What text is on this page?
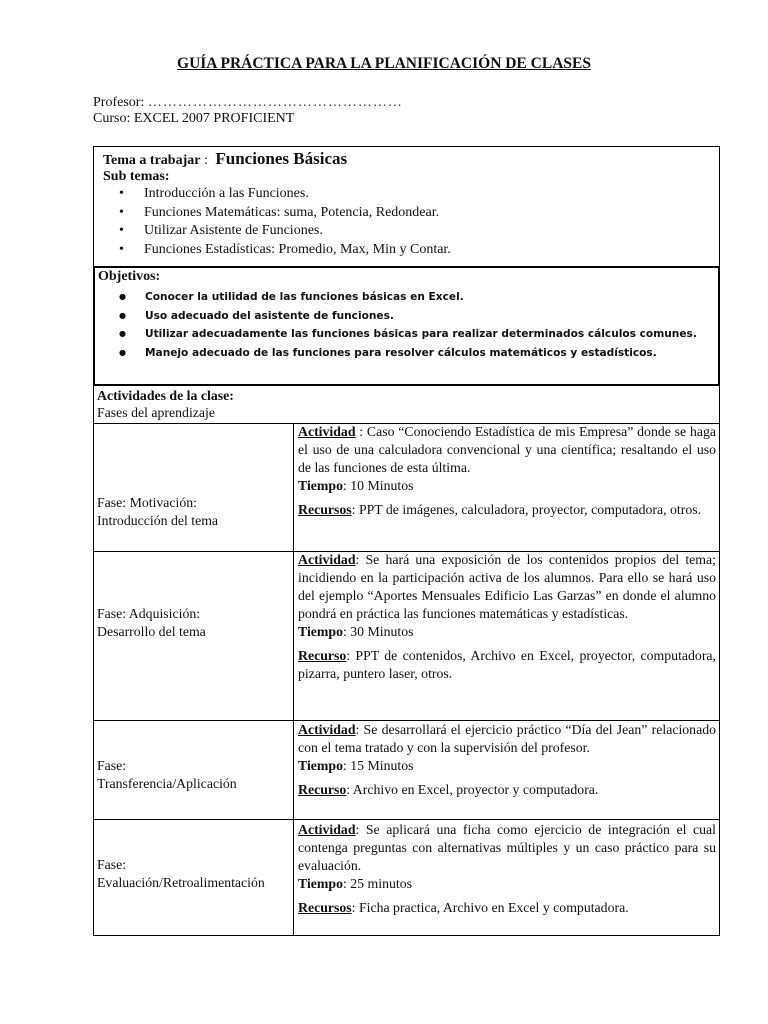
GUÍA PRÁCTICA PARA LA PLANIFICACIÓN DE CLASES
Profesor: ……………………………………………
Curso: EXCEL 2007 PROFICIENT
Tema a trabajar : Funciones Básicas
Sub temas:
• Introducción a las Funciones.
• Funciones Matemáticas: suma, Potencia, Redondear.
• Utilizar Asistente de Funciones.
• Funciones Estadísticas: Promedio, Max, Min y Contar.
Objetivos:
● Conocer la utilidad de las funciones básicas en Excel.
● Uso adecuado del asistente de funciones.
● Utilizar adecuadamente las funciones básicas para realizar determinados cálculos comunes.
● Manejo adecuado de las funciones para resolver cálculos matemáticos y estadísticos.
Actividades de la clase:
Fases del aprendizaje
Fase: Motivación:
Introducción del tema

Actividad : Caso “Conociendo Estadística de mis Empresa” donde se haga el uso de una calculadora convencional y una científica; resaltando el uso de las funciones de esta última.

Tiempo: 10 Minutos

Recursos: PPT de imágenes, calculadora, proyector, computadora, otros.

Fase: Adquisición:
Desarrollo del tema

Actividad: Se hará una exposición de los contenidos propios del tema; incidiendo en la participación activa de los alumnos. Para ello se hará uso del ejemplo “Aportes Mensuales Edificio Las Garzas” en donde el alumno pondrá en práctica las funciones matemáticas y estadísticas.

Tiempo: 30 Minutos

Recurso: PPT de contenidos, Archivo en Excel, proyector, computadora, pizarra, puntero laser, otros.

Fase:
Transferencia/Aplicación

Actividad: Se desarrollará el ejercicio práctico “Día del Jean” relacionado con el tema tratado y con la supervisión del profesor.

Tiempo: 15 Minutos

Recurso: Archivo en Excel, proyector y computadora.

Fase:
Evaluación/Retroalimentación

Actividad: Se aplicará una ficha como ejercicio de integración el cual contenga preguntas con alternativas múltiples y un caso práctico para su evaluación.

Tiempo: 25 minutos

Recursos: Ficha practica, Archivo en Excel y computadora.
